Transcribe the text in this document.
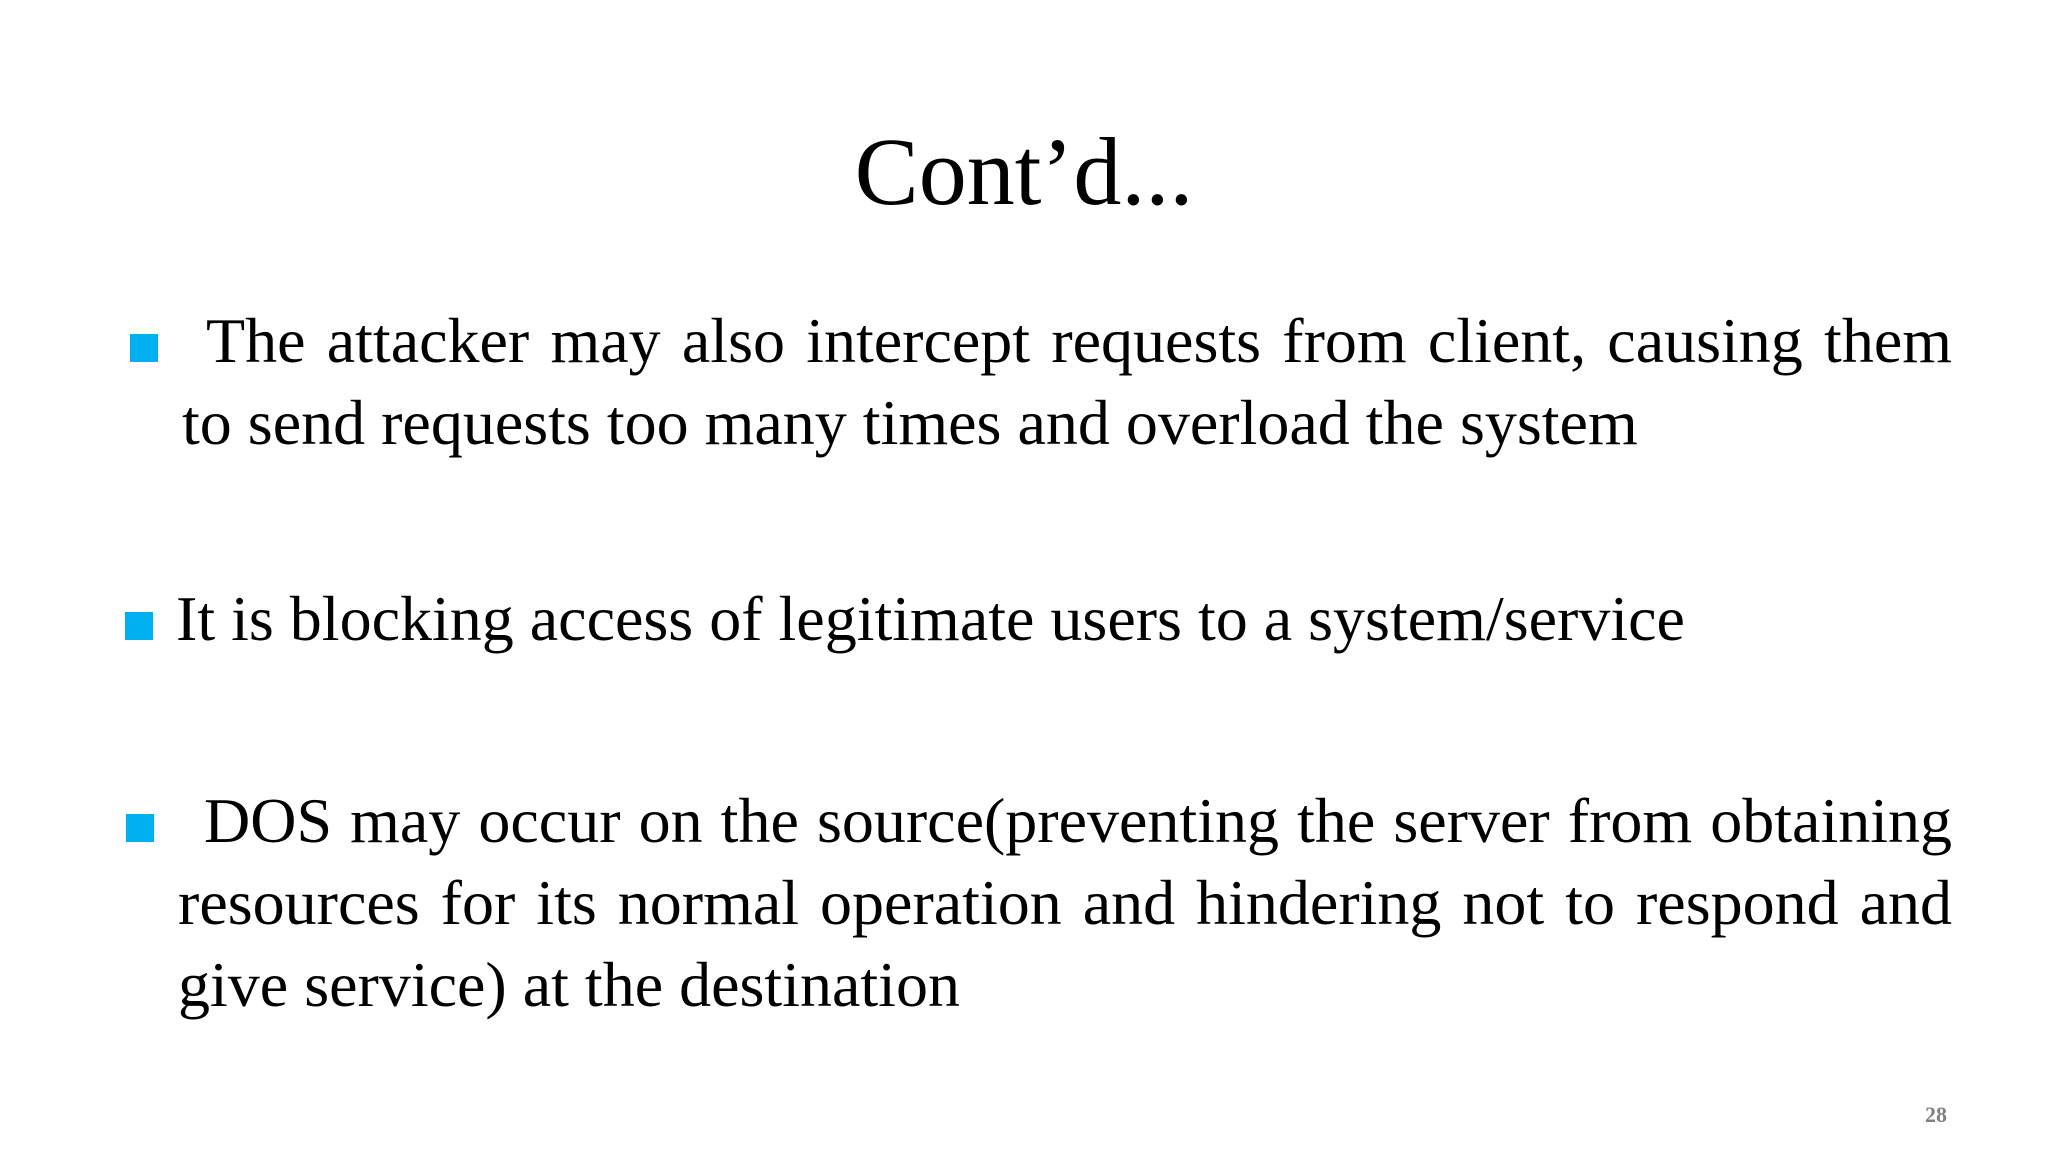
Cont’d...
The attacker may also intercept requests from client, causing them to send requests too many times and overload the system
It is blocking access of legitimate users to a system/service
DOS may occur on the source(preventing the server from obtaining resources for its normal operation and hindering not to respond and give service) at the destination
28
